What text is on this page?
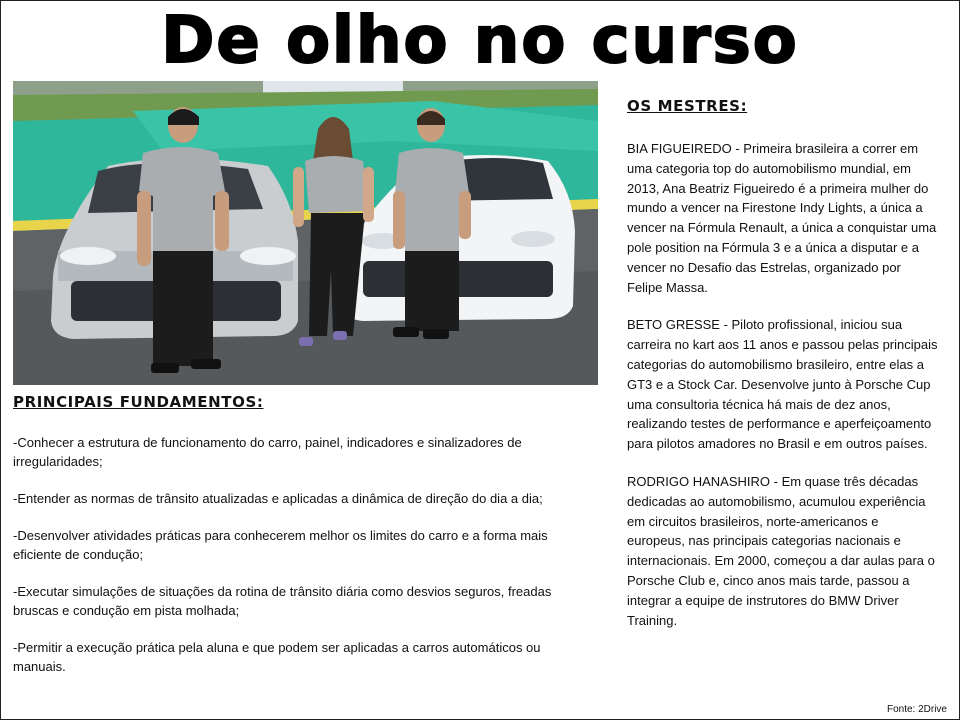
De olho no curso
PRINCIPAIS FUNDAMENTOS:

-Conhecer a estrutura de funcionamento do carro, painel, indicadores e sinalizadores de irregularidades;

-Entender as normas de trânsito atualizadas e aplicadas a dinâmica de direção do dia a dia;

-Desenvolver atividades práticas para conhecerem melhor os limites do carro e a forma mais eficiente de condução;

-Executar simulações de situações da rotina de trânsito diária como desvios seguros, freadas bruscas e condução em pista molhada;

-Permitir a execução prática pela aluna e que podem ser aplicadas a carros automáticos ou manuais.

OS MESTRES:

BIA FIGUEIREDO - Primeira brasileira a correr em uma categoria top do automobilismo mundial, em 2013, Ana Beatriz Figueiredo é a primeira mulher do mundo a vencer na Firestone Indy Lights, a única a vencer na Fórmula Renault, a única a conquistar uma pole position na Fórmula 3 e a única a disputar e a vencer no Desafio das Estrelas, organizado por Felipe Massa.

BETO GRESSE - Piloto profissional, iniciou sua carreira no kart aos 11 anos e passou pelas principais categorias do automobilismo brasileiro, entre elas a GT3 e a Stock Car. Desenvolve junto à Porsche Cup uma consultoria técnica há mais de dez anos, realizando testes de performance e aperfeiçoamento para pilotos amadores no Brasil e em outros países.

RODRIGO HANASHIRO - Em quase três décadas dedicadas ao automobilismo, acumulou experiência em circuitos brasileiros, norte-americanos e europeus, nas principais categorias nacionais e internacionais. Em 2000, começou a dar aulas para o Porsche Club e, cinco anos mais tarde, passou a integrar a equipe de instrutores do BMW Driver Training.

Fonte: 2Drive
